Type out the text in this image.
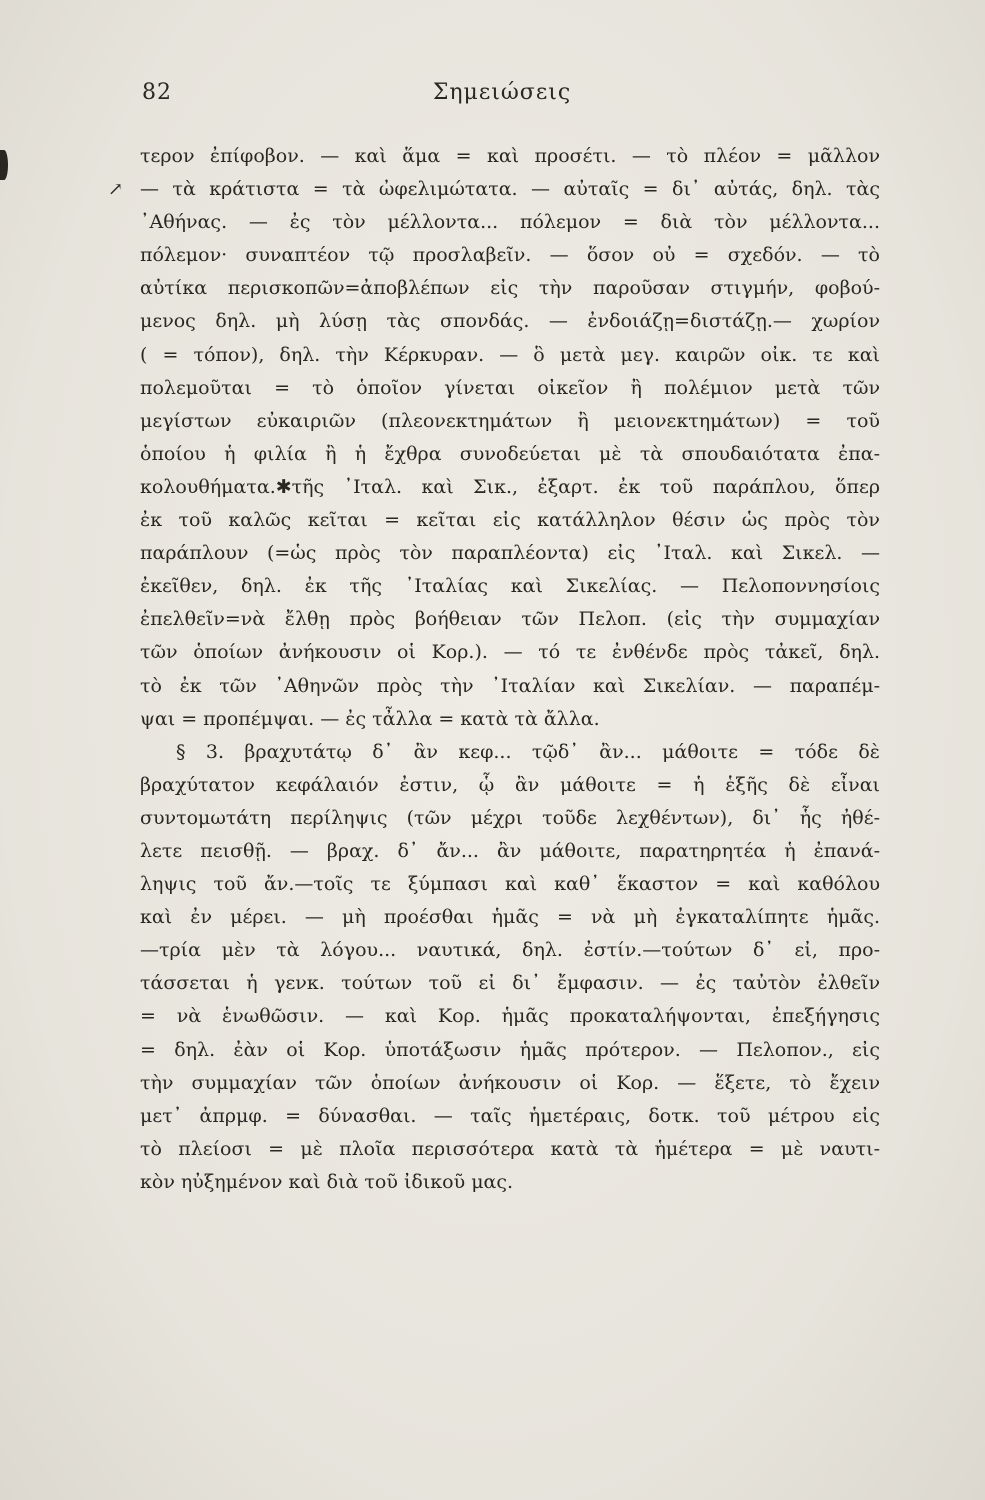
↗
82	Σημειώσεις
τερον ἐπίφοβον. — καὶ ἅμα = καὶ προσέτι. — τὸ πλέον = μᾶλλον
— τὰ κράτιστα = τὰ ὠφελιμώτατα. — αὐταῖς = δι᾽ αὐτάς, δηλ. τὰς
᾽Αθήνας. — ἐς τὸν μέλλοντα... πόλεμον = διὰ τὸν μέλλοντα...
πόλεμον· συναπτέον τῷ προσλαβεῖν. — ὅσον οὐ = σχεδόν. — τὸ
αὐτίκα περισκοπῶν=ἀποβλέπων εἰς τὴν παροῦσαν στιγμήν, φοβού-
μενος δηλ. μὴ λύσῃ τὰς σπονδάς. — ἐνδοιάζῃ=διστάζῃ.— χωρίον
( = τόπον), δηλ. τὴν Κέρκυραν. — ὃ μετὰ μεγ. καιρῶν οἰκ. τε καὶ
πολεμοῦται = τὸ ὁποῖον γίνεται οἰκεῖον ἢ πολέμιον μετὰ τῶν
μεγίστων εὐκαιριῶν (πλεονεκτημάτων ἢ μειονεκτημάτων) = τοῦ
ὁποίου ἡ φιλία ἢ ἡ ἔχθρα συνοδεύεται μὲ τὰ σπουδαιότατα ἐπα-
κολουθήματα.✱τῆς ᾽Ιταλ. καὶ Σικ., ἐξαρτ. ἐκ τοῦ παράπλου, ὅπερ
ἐκ τοῦ καλῶς κεῖται = κεῖται εἰς κατάλληλον θέσιν ὡς πρὸς τὸν
παράπλουν (=ὡς πρὸς τὸν παραπλέοντα) εἰς ᾽Ιταλ. καὶ Σικελ. —
ἐκεῖθεν, δηλ. ἐκ τῆς ᾽Ιταλίας καὶ Σικελίας. — Πελοποννησίοις
ἐπελθεῖν=νὰ ἔλθῃ πρὸς βοήθειαν τῶν Πελοπ. (εἰς τὴν συμμαχίαν
τῶν ὁποίων ἀνήκουσιν οἱ Κορ.). — τό τε ἐνθένδε πρὸς τἀκεῖ, δηλ.
τὸ ἐκ τῶν ᾽Αθηνῶν πρὸς τὴν ᾽Ιταλίαν καὶ Σικελίαν. — παραπέμ-
ψαι = προπέμψαι. — ἐς τἆλλα = κατὰ τὰ ἄλλα.
§ 3. βραχυτάτῳ δ᾽ ἂν κεφ... τῷδ᾽ ἂν... μάθοιτε = τόδε δὲ
βραχύτατον κεφάλαιόν ἐστιν, ᾧ ἂν μάθοιτε = ἡ ἑξῆς δὲ εἶναι
συντομωτάτη περίληψις (τῶν μέχρι τοῦδε λεχθέντων), δι᾽ ἧς ἠθέ-
λετε πεισθῇ. — βραχ. δ᾽ ἄν... ἂν μάθοιτε, παρατηρητέα ἡ ἐπανά-
ληψις τοῦ ἄν.—τοῖς τε ξύμπασι καὶ καθ᾽ ἕκαστον = καὶ καθόλου
καὶ ἐν μέρει. — μὴ προέσθαι ἡμᾶς = νὰ μὴ ἐγκαταλίπητε ἡμᾶς.
—τρία μὲν τὰ λόγου... ναυτικά, δηλ. ἐστίν.—τούτων δ᾽ εἰ, προ-
τάσσεται ἡ γενκ. τούτων τοῦ εἰ δι᾽ ἔμφασιν. — ἐς ταὐτὸν ἐλθεῖν
= νὰ ἑνωθῶσιν. — καὶ Κορ. ἡμᾶς προκαταλήψονται, ἐπεξήγησις
= δηλ. ἐὰν οἱ Κορ. ὑποτάξωσιν ἡμᾶς πρότερον. — Πελοπον., εἰς
τὴν συμμαχίαν τῶν ὁποίων ἀνήκουσιν οἱ Κορ. — ἕξετε, τὸ ἔχειν
μετ᾽ ἀπρμφ. = δύνασθαι. — ταῖς ἡμετέραις, δοτκ. τοῦ μέτρου εἰς
τὸ πλείοσι = μὲ πλοῖα περισσότερα κατὰ τὰ ἡμέτερα = μὲ ναυτι-
κὸν ηὐξημένον καὶ διὰ τοῦ ἰδικοῦ μας.
